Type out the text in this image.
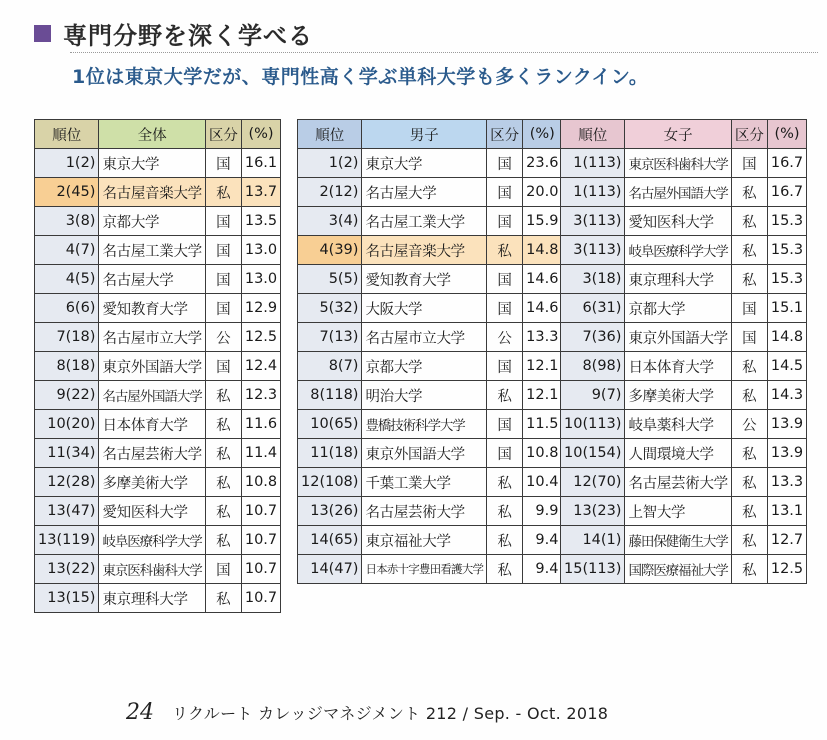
専門分野を深く学べる
1位は東京大学だが、専門性高く学ぶ単科大学も多くランクイン。
順位	全体	区分	(%)
1(2)	東京大学	国	16.1
2(45)	名古屋音楽大学	私	13.7
3(8)	京都大学	国	13.5
4(7)	名古屋工業大学	国	13.0
4(5)	名古屋大学	国	13.0
6(6)	愛知教育大学	国	12.9
7(18)	名古屋市立大学	公	12.5
8(18)	東京外国語大学	国	12.4
9(22)	名古屋外国語大学	私	12.3
10(20)	日本体育大学	私	11.6
11(34)	名古屋芸術大学	私	11.4
12(28)	多摩美術大学	私	10.8
13(47)	愛知医科大学	私	10.7
13(119)	岐阜医療科学大学	私	10.7
13(22)	東京医科歯科大学	国	10.7
13(15)	東京理科大学	私	10.7
順位	男子	区分	(%)
1(2)	東京大学	国	23.6
2(12)	名古屋大学	国	20.0
3(4)	名古屋工業大学	国	15.9
4(39)	名古屋音楽大学	私	14.8
5(5)	愛知教育大学	国	14.6
5(32)	大阪大学	国	14.6
7(13)	名古屋市立大学	公	13.3
8(7)	京都大学	国	12.1
8(118)	明治大学	私	12.1
10(65)	豊橋技術科学大学	国	11.5
11(18)	東京外国語大学	国	10.8
12(108)	千葉工業大学	私	10.4
13(26)	名古屋芸術大学	私	9.9
14(65)	東京福祉大学	私	9.4
14(47)	日本赤十字豊田看護大学	私	9.4
順位	女子	区分	(%)
1(113)	東京医科歯科大学	国	16.7
1(113)	名古屋外国語大学	私	16.7
3(113)	愛知医科大学	私	15.3
3(113)	岐阜医療科学大学	私	15.3
3(18)	東京理科大学	私	15.3
6(31)	京都大学	国	15.1
7(36)	東京外国語大学	国	14.8
8(98)	日本体育大学	私	14.5
9(7)	多摩美術大学	私	14.3
10(113)	岐阜薬科大学	公	13.9
10(154)	人間環境大学	私	13.9
12(70)	名古屋芸術大学	私	13.3
13(23)	上智大学	私	13.1
14(1)	藤田保健衛生大学	私	12.7
15(113)	国際医療福祉大学	私	12.5
24 リクルート カレッジマネジメント 212 / Sep. - Oct. 2018
